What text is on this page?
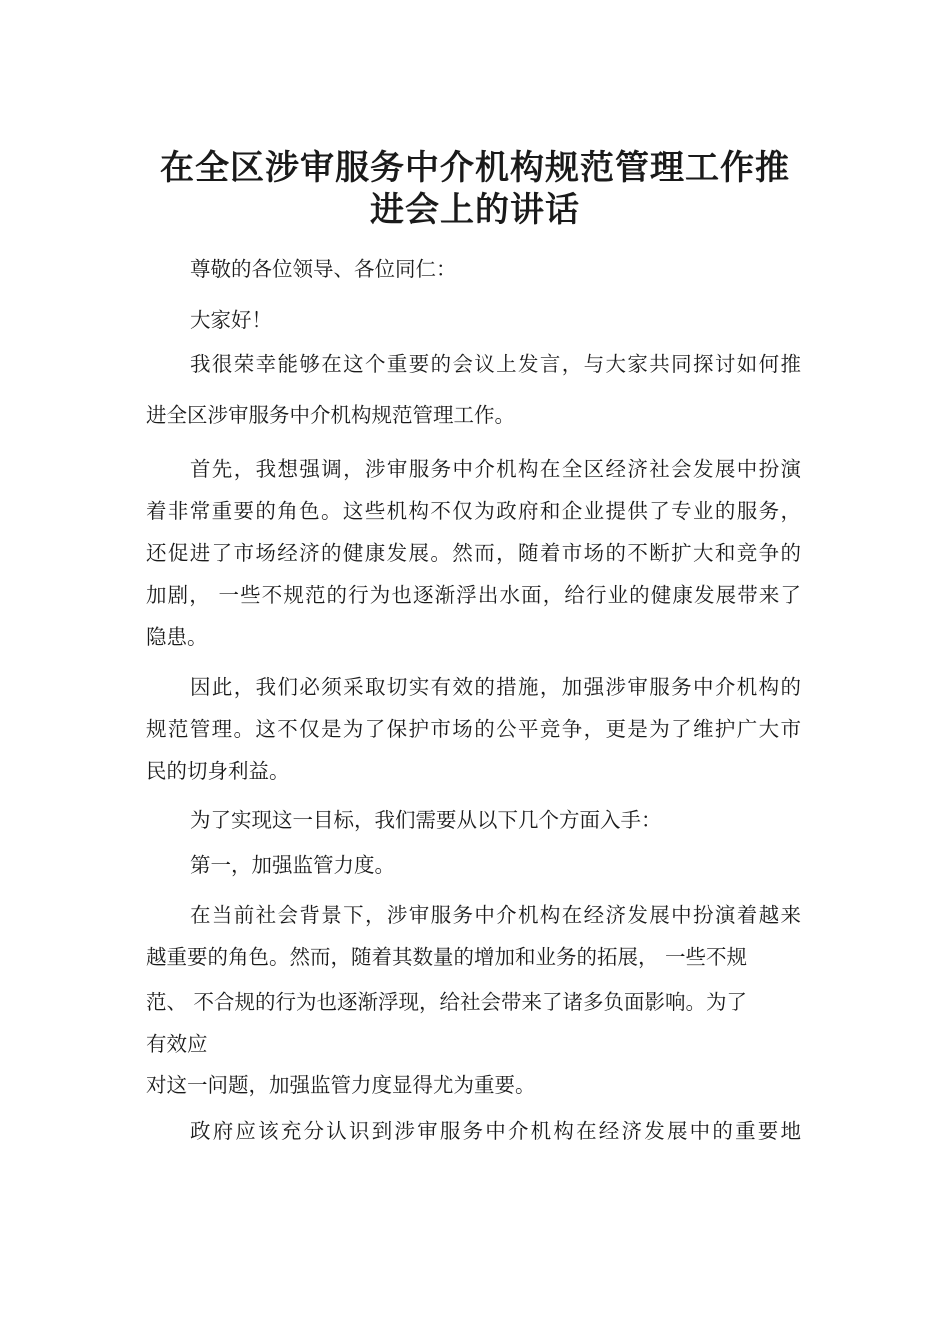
在全区涉审服务中介机构规范管理工作推
进会上的讲话

尊敬的各位领导、各位同仁：

大家好！

我很荣幸能够在这个重要的会议上发言，与大家共同探讨如何推

进全区涉审服务中介机构规范管理工作。

首先，我想强调，涉审服务中介机构在全区经济社会发展中扮演

着非常重要的角色。这些机构不仅为政府和企业提供了专业的服务，

还促进了市场经济的健康发展。然而，随着市场的不断扩大和竞争的

加剧， 一些不规范的行为也逐渐浮出水面，给行业的健康发展带来了

隐患。

因此，我们必须采取切实有效的措施，加强涉审服务中介机构的

规范管理。这不仅是为了保护市场的公平竞争，更是为了维护广大市

民的切身利益。

为了实现这一目标，我们需要从以下几个方面入手：

第一，加强监管力度。

在当前社会背景下，涉审服务中介机构在经济发展中扮演着越来

越重要的角色。然而，随着其数量的增加和业务的拓展， 一些不规

范、 不合规的行为也逐渐浮现，给社会带来了诸多负面影响。为了

有效应

对这一问题，加强监管力度显得尤为重要。

政府应该充分认识到涉审服务中介机构在经济发展中的重要地
